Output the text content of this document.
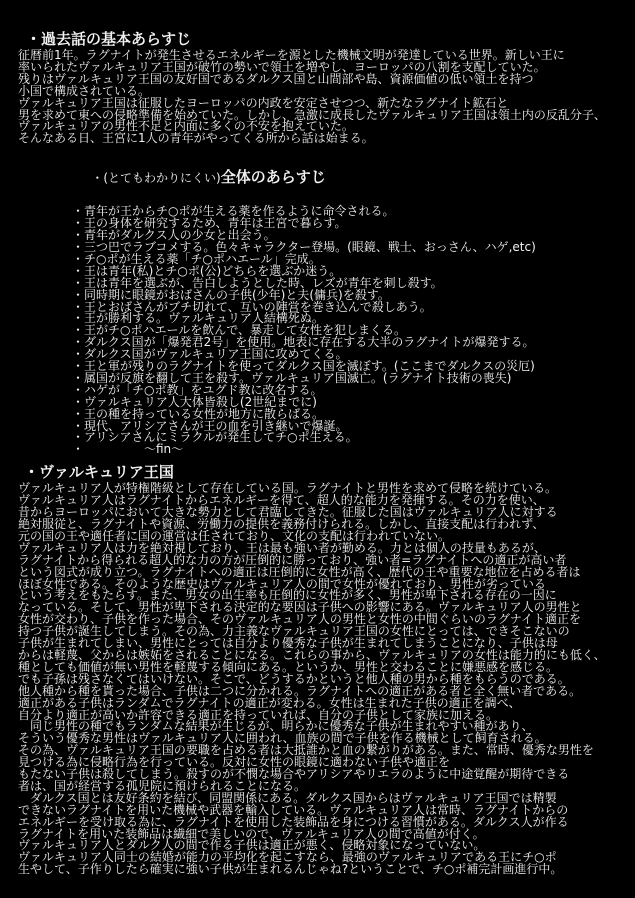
・過去話の基本あらすじ
征暦前1年。ラグナイトが発生させるエネルギーを源とした機械文明が発達している世界。新しい王に
率いられたヴァルキュリア王国が破竹の勢いで領土を増やし、ヨーロッパの八割を支配していた。
残りはヴァルキュリア王国の友好国であるダルクス国と山間部や島、資源価値の低い領土を持つ
小国で構成されている。
ヴァルキュリア王国は征服したヨーロッパの内政を安定させつつ、新たなラグナイト鉱石と
男を求めて東への侵略準備を始めていた。しかし、急激に成長したヴァルキュリア王国は領土内の反乱分子、
ヴァルキュリアの男性不足と内面に多くの不安を抱えていた。
そんなある日、王宮に1人の青年がやってくる所から話は始まる。

・(とてもわかりにくい)全体のあらすじ

・青年が王からチ○ポが生える薬を作るように命令される。
・王の身体を研究するため、青年は王宮で暮らす。
・青年がダルクス人の少女と出会う。
・三つ巴でラブコメする。色々キャラクター登場。(眼鏡、戦士、おっさん、ハゲ,etc)
・チ○ポが生える薬「チ○ポハエール」完成。
・王は青年(私)とチ○ポ(公)どちらを選ぶか迷う。
・王は青年を選ぶが、告白しようとした時、レズが青年を刺し殺す。
・同時期に眼鏡がおばさんの子供(少年)と夫(傭兵)を殺す。
・王とおばさんがブチ切れて、互いの陣営を巻き込んで殺しあう。
・王が勝利する。ヴァルキュリア人結構死ぬ。
・王がチ○ポハエールを飲んで、暴走して女性を犯しまくる。
・ダルクス国が「爆発君2号」を使用。地表に存在する大半のラグナイトが爆発する。
・ダルクス国がヴァルキュリア王国に攻めてくる。
・王と軍が残りのラグナイトを使ってダルクス国を滅ぼす。(ここまでダルクスの災厄)
・属国が反旗を翻して王を殺す。ヴァルキュリア国滅亡。(ラグナイト技術の喪失)
・ハゲが「チ○ポ教」をユグド教に改名する。
・ヴァルキュリア人大体皆殺し(2世紀までに)
・王の種を持っている女性が地方に散らばる。
・現代、アリシアさんが王の血を引き継いで爆誕。
・アリシアさんにミラクルが発生してチ○ポ生える。
・　　　　　～fin～
・ヴァルキュリア王国
ヴァルキュリア人が特権階級として存在している国。ラグナイトと男性を求めて侵略を続けている。
ヴァルキュリア人はラグナイトからエネルギーを得て、超人的な能力を発揮する。その力を使い、
昔からヨーロッパにおいて大きな勢力として君臨してきた。征服した国はヴァルキュリア人に対する
絶対服従と、ラグナイトや資源、労働力の提供を義務付けられる。しかし、直接支配は行われず、
元の国の王や適任者に国の運営は任されており、文化の支配は行われていない。
ヴァルキュリア人は力を絶対視しており、王は最も強い者が勤める。力とは個人の技量もあるが、
ラグナイトから得られる超人的な力の方が圧倒的に勝っており、強い者=ラグナイトへの適正が高い者
という図式が成り立つ。ラグナイトへの適正は圧倒的に女性が高く、歴代の王や重要な地位を占める者は
ほぼ女性である。そのような歴史はヴァルキュリア人の間で女性が優れており、男性が劣っている
という考えをもたらす。また、男女の出生率も圧倒的に女性が多く、男性が卑下される存在の一因に
なっている。そして、男性が卑下される決定的な要因は子供への影響にある。ヴァルキュリア人の男性と
女性が交わり、子供を作った場合、そのヴァルキュリア人の男性と女性の中間ぐらいのラグナイト適正を
持つ子供が誕生してしまう。その為、力主義なヴァルキュリア王国の女性にとっては、できそこないの
子供が生まれてしまい、男性にとっては自分より優秀な子供が生まれてしまうことになり、子供は母
からは軽蔑、父からは嫉妬をされることになる。これらの事から、ヴァルキュリアの女性は能力的にも低く、
種としても価値が無い男性を軽蔑する傾向にある。というか、男性と交わることに嫌悪感を感じる。
でも子孫は残さなくてはいけない。そこで、どうするかというと他人種の男から種をもらうのである。
他人種から種を貰った場合、子供は二つに分かれる。ラグナイトへの適正がある者と全く無い者である。
適正がある子供はランダムでラグナイトの適正が変わる。女性は生まれた子供の適正を調べ、
自分より適正が高いか許容できる適正を持っていれば、自分の子供として家族に加える。
　同じ男性の種でもランダムな結果が生じるが、明らかに優秀な子供が生まれやすい種があり、
そういう優秀な男性はヴァルキュリア人に囲われ、血族の間で子供を作る機械として飼育される。
その為、ヴァルキュリア王国の要職を占める者は大抵誰かと血の繋がりがある。また、常時、優秀な男性を
見つける為に侵略行為を行っている。反対に女性の眼鏡に適わない子供や適正を
もたない子供は殺してしまう。殺すのが不憫な場合やアリシアやリエラのように中途覚醒が期待できる
者は、国が経営する孤児院に預けられることになる。
　ダルクス国とは友好条約を結び、同盟関係にある。ダルクス国からはヴァルキュリア王国では精製
できないラグナイトを用いた機械や武器を輸入している。ヴァルキュリア人は常時、ラグナイトからの
エネルギーを受け取る為に、ラグナイトを使用した装飾品を身につける習慣がある。ダルクス人が作る
ラグナイトを用いた装飾品は繊細で美しいので、ヴァルキュリア人の間で高値が付く。
ヴァルキュリア人とダルク人の間で作る子供は適正が悪く、侵略対象になっていない。
ヴァルキュリア人同士の結婚が能力の平均化を起こすなら、最強のヴァルキュリアである王にチ○ポ
生やして、子作りしたら確実に強い子供が生まれるんじゃね?ということで、チ○ポ補完計画進行中。
